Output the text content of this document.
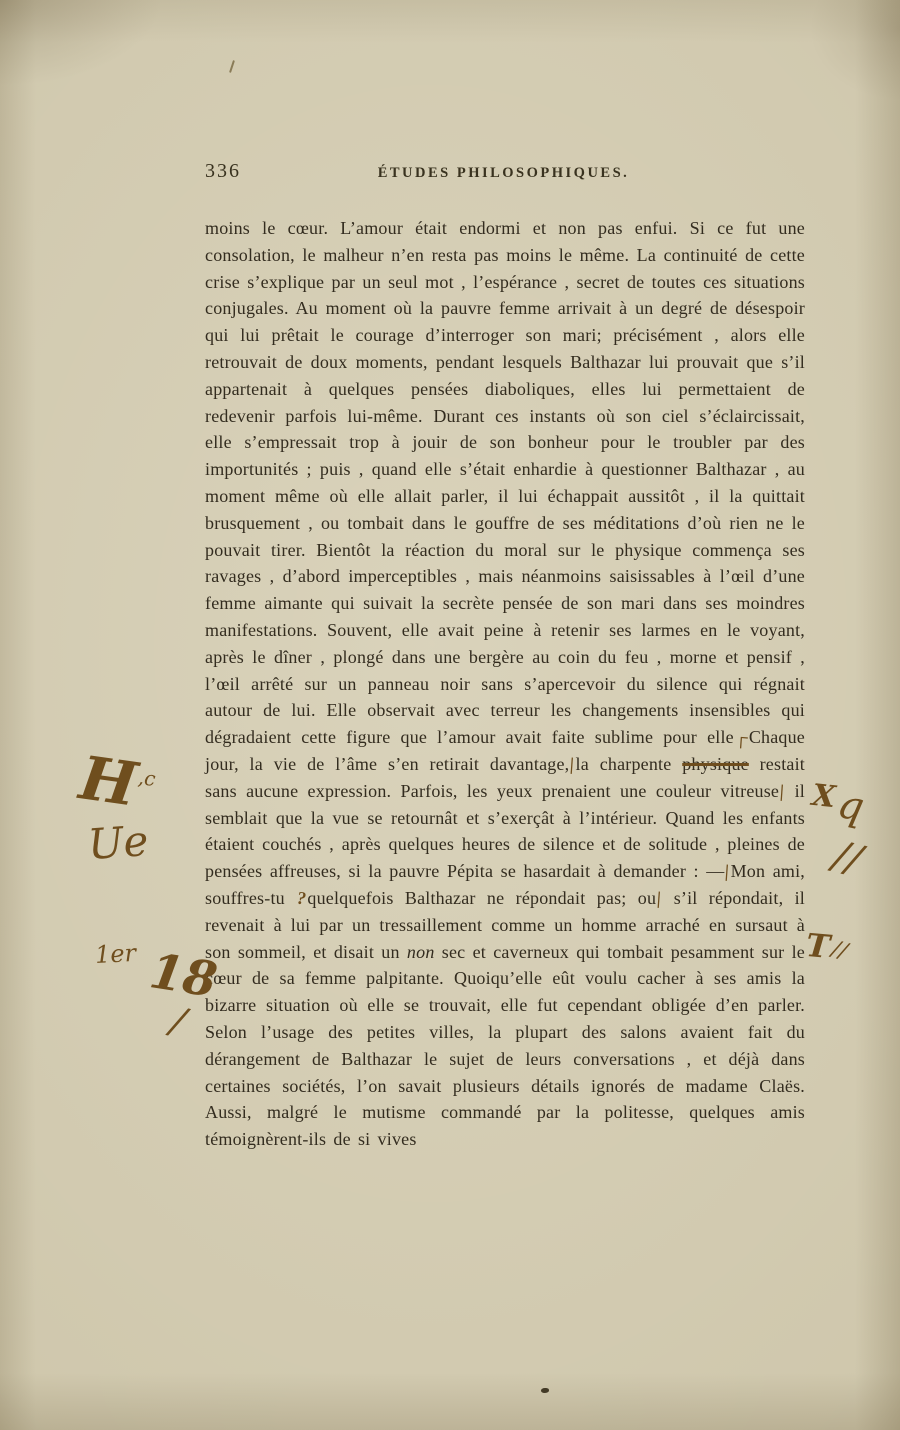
336	ÉTUDES PHILOSOPHIQUES.

moins le cœur. L’amour était endormi et non pas enfui. Si ce fut une consolation, le malheur n’en resta pas moins le même. La continuité de cette crise s’explique par un seul mot , l’espérance , secret de toutes ces situations conjugales. Au moment où la pauvre femme arrivait à un degré de désespoir qui lui prêtait le courage d’interroger son mari; précisément , alors elle retrouvait de doux moments, pendant lesquels Balthazar lui prouvait que s’il appartenait à quelques pensées diaboliques, elles lui permettaient de redevenir parfois lui-même. Durant ces instants où son ciel s’éclaircissait, elle s’empressait trop à jouir de son bonheur pour le troubler par des importunités ; puis , quand elle s’était enhardie à questionner Balthazar , au moment même où elle allait parler, il lui échappait aussitôt , il la quittait brusquement , ou tombait dans le gouffre de ses méditations d’où rien ne le pouvait tirer. Bientôt la réaction du moral sur le physique commença ses ravages , d’abord imperceptibles , mais néanmoins saisissables à l’œil d’une femme aimante qui suivait la secrète pensée de son mari dans ses moindres manifestations. Souvent, elle avait peine à retenir ses larmes en le voyant, après le dîner , plongé dans une bergère au coin du feu , morne et pensif , l’œil arrêté sur un panneau noir sans s’apercevoir du silence qui régnait autour de lui. Elle observait avec terreur les changements insensibles qui dégradaient cette figure que l’amour avait faite sublime pour elle┌Chaque jour, la vie de l’âme s’en retirait davantage,|la charpente physique restait sans aucune expression. Parfois, les yeux prenaient une couleur vitreuse| il semblait que la vue se retournât et s’exerçât à l’intérieur. Quand les enfants étaient couchés , après quelques heures de silence et de solitude , pleines de pensées affreuses, si la pauvre Pépita se hasardait à demander : —|Mon ami, souffres-tu ?quelquefois Balthazar ne répondait pas; ou| s’il répondait, il revenait à lui par un tressaillement comme un homme arraché en sursaut à son sommeil, et disait un non sec et caverneux qui tombait pesamment sur le cœur de sa femme palpitante. Quoiqu’elle eût voulu cacher à ses amis la bizarre situation où elle se trouvait, elle fut cependant obligée d’en parler. Selon l’usage des petites villes, la plupart des salons avaient fait du dérangement de Balthazar le sujet de leurs conversations , et déjà dans certaines sociétés, l’on savait plusieurs détails ignorés de madame Claës. Aussi, malgré le mutisme commandé par la politesse, quelques amis témoignèrent-ils de si vives

H
,c
Ue
1er 18
/
X
q
//
T
//
